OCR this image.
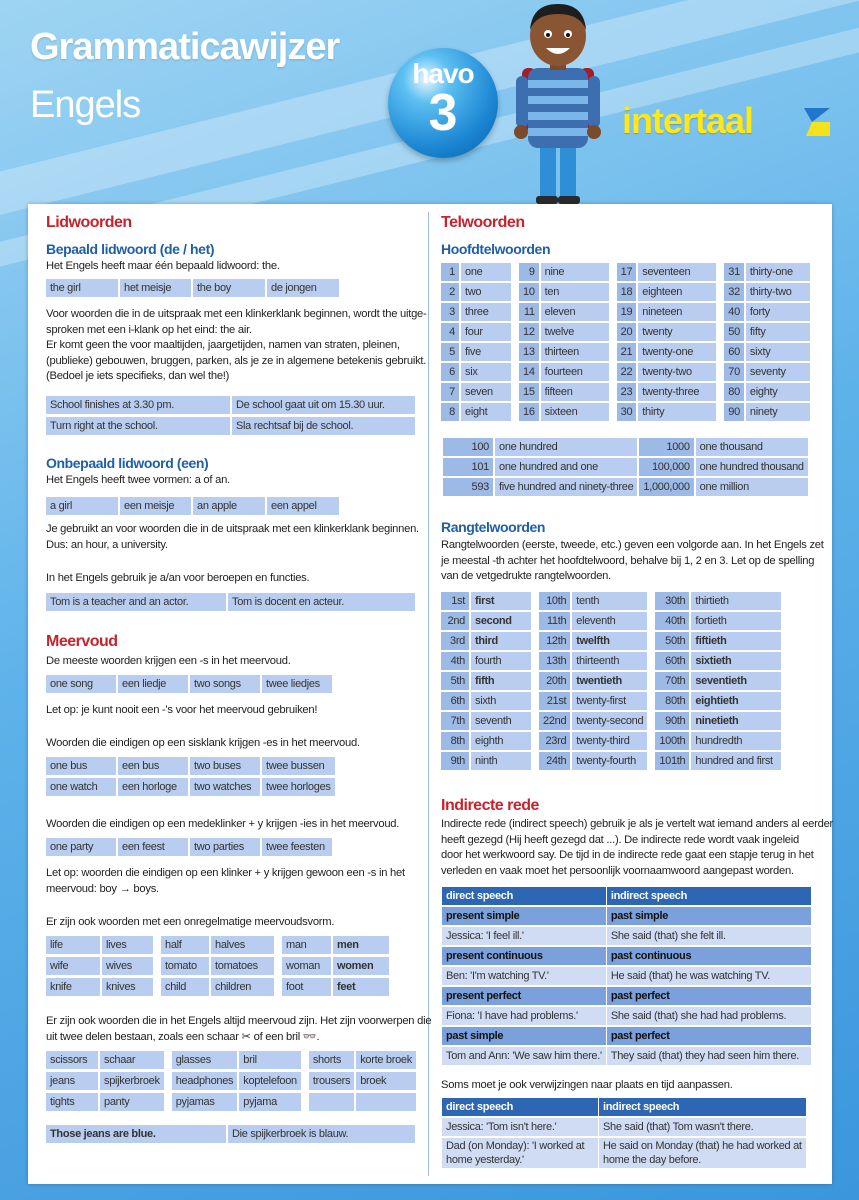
Grammaticawijzer
Engels
havo
3	intertaal
Lidwoorden
Bepaald lidwoord (de / het)
Het Engels heeft maar één bepaald lidwoord: the.
the girl	het meisje	the boy	de jongen
Voor woorden die in de uitspraak met een klinkerklank beginnen, wordt the uitge-
sproken met een i-klank op het eind: the air.
Er komt geen the voor maaltijden, jaargetijden, namen van straten, pleinen,
(publieke) gebouwen, bruggen, parken, als je ze in algemene betekenis gebruikt.
(Bedoel je iets specifieks, dan wel the!)
School finishes at 3.30 pm.	De school gaat uit om 15.30 uur.
Turn right at the school.	Sla rechtsaf bij de school.
Onbepaald lidwoord (een)
Het Engels heeft twee vormen: a of an.
a girl	een meisje	an apple	een appel
Je gebruikt an voor woorden die in de uitspraak met een klinkerklank beginnen.
Dus: an hour, a university.
In het Engels gebruik je a/an voor beroepen en functies.
Tom is a teacher and an actor.	Tom is docent en acteur.
Meervoud
De meeste woorden krijgen een -s in het meervoud.
one song	een liedje	two songs	twee liedjes
Let op: je kunt nooit een -'s voor het meervoud gebruiken!
Woorden die eindigen op een sisklank krijgen -es in het meervoud.
one bus	een bus	two buses	twee bussen
one watch	een horloge	two watches	twee horloges
Woorden die eindigen op een medeklinker + y krijgen -ies in het meervoud.
one party	een feest	two parties	twee feesten
Let op: woorden die eindigen op een klinker + y krijgen gewoon een -s in het
meervoud: boy → boys.
Er zijn ook woorden met een onregelmatige meervoudsvorm.
life	lives	half	halves	man	men
wife	wives	tomato	tomatoes	woman	women
knife	knives	child	children	foot	feet
Er zijn ook woorden die in het Engels altijd meervoud zijn. Het zijn voorwerpen die
uit twee delen bestaan, zoals een schaar ✂ of een bril 👓.
scissors	schaar	glasses	bril	shorts	korte broek
jeans	spijkerbroek	headphones	koptelefoon	trousers	broek
tights	panty	pyjamas	pyjama		
Those jeans are blue.	Die spijkerbroek is blauw.
Telwoorden
Hoofdtelwoorden
1	one	9	nine	17	seventeen	31	thirty-one
2	two	10	ten	18	eighteen	32	thirty-two
3	three	11	eleven	19	nineteen	40	forty
4	four	12	twelve	20	twenty	50	fifty
5	five	13	thirteen	21	twenty-one	60	sixty
6	six	14	fourteen	22	twenty-two	70	seventy
7	seven	15	fifteen	23	twenty-three	80	eighty
8	eight	16	sixteen	30	thirty	90	ninety
100	one hundred	1000	one thousand
101	one hundred and one	100,000	one hundred thousand
593	five hundred and ninety-three	1,000,000	one million
Rangtelwoorden
Rangtelwoorden (eerste, tweede, etc.) geven een volgorde aan. In het Engels zet
je meestal -th achter het hoofdtelwoord, behalve bij 1, 2 en 3. Let op de spelling
van de vetgedrukte rangtelwoorden.
1st	first	10th	tenth	30th	thirtieth
2nd	second	11th	eleventh	40th	fortieth
3rd	third	12th	twelfth	50th	fiftieth
4th	fourth	13th	thirteenth	60th	sixtieth
5th	fifth	20th	twentieth	70th	seventieth
6th	sixth	21st	twenty-first	80th	eightieth
7th	seventh	22nd	twenty-second	90th	ninetieth
8th	eighth	23rd	twenty-third	100th	hundredth
9th	ninth	24th	twenty-fourth	101th	hundred and first
Indirecte rede
Indirecte rede (indirect speech) gebruik je als je vertelt wat iemand anders al eerder
heeft gezegd (Hij heeft gezegd dat ...). De indirecte rede wordt vaak ingeleid
door het werkwoord say. De tijd in de indirecte rede gaat een stapje terug in het
verleden en vaak moet het persoonlijk voornaamwoord aangepast worden.
direct speech	indirect speech
present simple	past simple
Jessica: 'I feel ill.'	She said (that) she felt ill.
present continuous	past continuous
Ben: 'I'm watching TV.'	He said (that) he was watching TV.
present perfect	past perfect
Fiona: 'I have had problems.'	She said (that) she had had problems.
past simple	past perfect
Tom and Ann: 'We saw him there.'	They said (that) they had seen him there.
Soms moet je ook verwijzingen naar plaats en tijd aanpassen.
direct speech	indirect speech
Jessica: 'Tom isn't here.'	She said (that) Tom wasn't there.
Dad (on Monday): 'I worked at
home yesterday.'	He said on Monday (that) he had worked at
home the day before.
